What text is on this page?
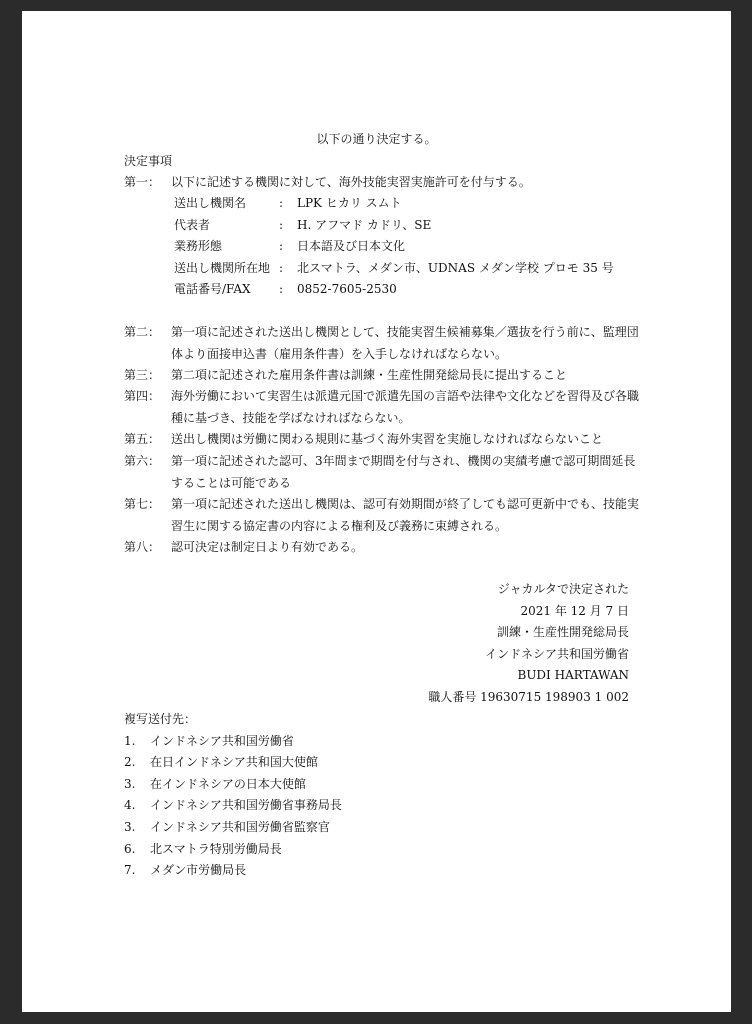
以下の通り決定する。
決定事項
第一： 以下に記述する機関に対して、海外技能実習実施許可を付与する。
送出し機関名	:	LPK ヒカリ スムト
代表者	:	H. アフマド カドリ、SE
業務形態	:	日本語及び日本文化
送出し機関所在地 :	北スマトラ、メダン市、UDNAS メダン学校 プロモ 35 号
電話番号/FAX	:	0852-7605-2530
第二： 第一項に記述された送出し機関として、技能実習生候補募集／選抜を行う前に、監理団体より面接申込書（雇用条件書）を入手しなければならない。
第三： 第二項に記述された雇用条件書は訓練・生産性開発総局長に提出すること
第四： 海外労働において実習生は派遣元国で派遣先国の言語や法律や文化などを習得及び各職種に基づき、技能を学ばなければならない。
第五： 送出し機関は労働に関わる規則に基づく海外実習を実施しなければならないこと
第六： 第一項に記述された認可、3年間まで期間を付与され、機関の実績考慮で認可期間延長することは可能である
第七： 第一項に記述された送出し機関は、認可有効期間が終了しても認可更新中でも、技能実習生に関する協定書の内容による権利及び義務に束縛される。
第八： 認可決定は制定日より有効である。
ジャカルタで決定された
2021 年 12 月 7 日
訓練・生産性開発総局長
インドネシア共和国労働省
BUDI HARTAWAN
職人番号 19630715 198903 1 002
複写送付先：
1.	インドネシア共和国労働省
2.	在日インドネシア共和国大使館
3.	在インドネシアの日本大使館
4.	インドネシア共和国労働省事務局長
3.	インドネシア共和国労働省監察官
6.	北スマトラ特別労働局長
7.	メダン市労働局長
